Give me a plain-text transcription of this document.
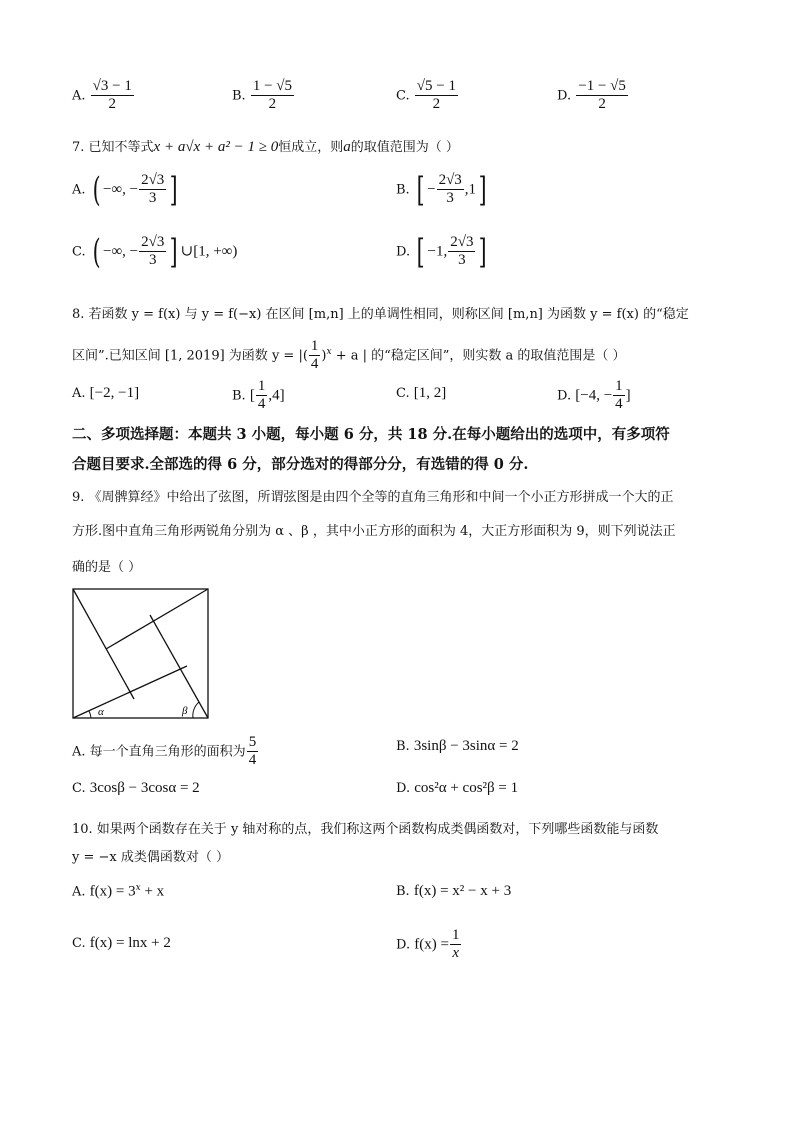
A. $\frac{√3 - 1}{2}$	B. $\frac{1 - √5}{2}$	C. $\frac{√5 - 1}{2}$	D. $\frac{-1 - √5}{2}$
7. 已知不等式x + a√x + a² − 1 ≥ 0恒成立，则a的取值范围为（ ）
A. ( −∞, − $\frac{2√3}{3}$ ]	B. [ − $\frac{2√3}{3} ,1$]
C. ( −∞, − $\frac{2√3}{3}$ ] ∪[1, +∞)	D. [ −1, $\frac{2√3}{3}$ ]
8. 若函数 y = f(x) 与 y = f(−x) 在区间 [m,n] 上的单调性相同，则称区间 [m,n] 为函数 y = f(x) 的“稳定
区间”.已知区间 [1, 2019] 为函数 y = |( $\frac{1}{4} )^x + a$ | 的“稳定区间”，则实数 a 的取值范围是（ ）
A. [−2, −1]	B. [ $\frac{1}{4} ,4$]	C. [1, 2]	D. [−4, − $\frac{1}{4}$ ]
二、多项选择题：本题共 3 小题，每小题 6 分，共 18 分.在每小题给出的选项中，有多项符
合题目要求.全部选的得 6 分，部分选对的得部分分，有选错的得 0 分.
9. 《周髀算经》中给出了弦图，所谓弦图是由四个全等的直角三角形和中间一个小正方形拼成一个大的正
方形.图中直角三角形两锐角分别为 α 、β ，其中小正方形的面积为 4，大正方形面积为 9，则下列说法正
确的是（ ）
α	β
A. 每一个直角三角形的面积为 $\frac{5}{4}$	B. 3sinβ − 3sinα = 2
C. 3cosβ − 3cosα = 2	D. cos²α + cos²β = 1
10. 如果两个函数存在关于 y 轴对称的点，我们称这两个函数构成类偶函数对，下列哪些函数能与函数
y = −x 成类偶函数对（ ）
A. $f(x) = 3^x + x$	B. f(x) = x² − x + 3
C. f(x) = lnx + 2	D. $f(x) = \frac{1}{x}$
